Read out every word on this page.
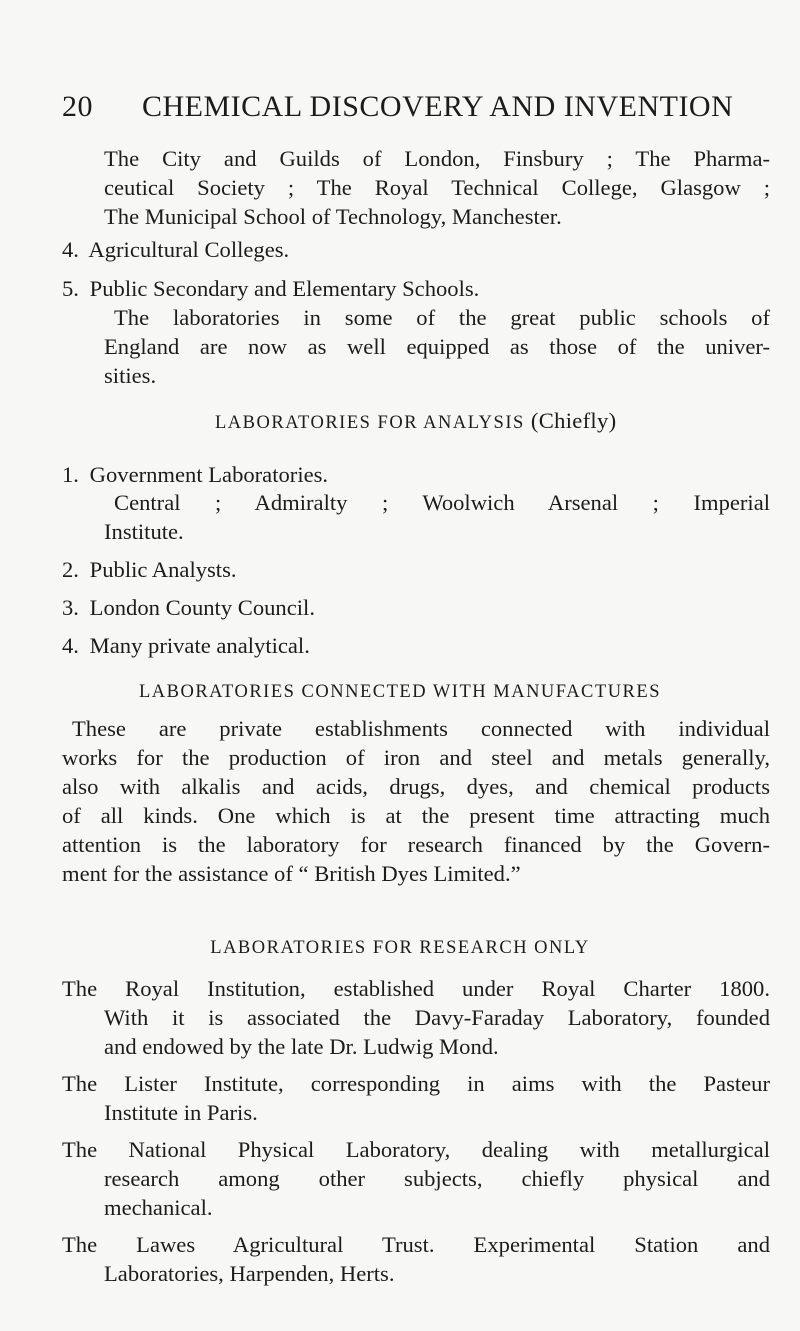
20 CHEMICAL DISCOVERY AND INVENTION
The City and Guilds of London, Finsbury ; The Pharma-
ceutical Society ; The Royal Technical College, Glasgow ;
The Municipal School of Technology, Manchester.
4. Agricultural Colleges.
5. Public Secondary and Elementary Schools.
The laboratories in some of the great public schools of
England are now as well equipped as those of the univer-
sities.
LABORATORIES FOR ANALYSIS (Chiefly)
1. Government Laboratories.
Central ; Admiralty ; Woolwich Arsenal ; Imperial
Institute.
2. Public Analysts.
3. London County Council.
4. Many private analytical.
LABORATORIES CONNECTED WITH MANUFACTURES
These are private establishments connected with individual
works for the production of iron and steel and metals generally,
also with alkalis and acids, drugs, dyes, and chemical products
of all kinds. One which is at the present time attracting much
attention is the laboratory for research financed by the Govern-
ment for the assistance of “ British Dyes Limited.”
LABORATORIES FOR RESEARCH ONLY
The Royal Institution, established under Royal Charter 1800.
With it is associated the Davy-Faraday Laboratory, founded
and endowed by the late Dr. Ludwig Mond.
The Lister Institute, corresponding in aims with the Pasteur
Institute in Paris.
The National Physical Laboratory, dealing with metallurgical
research among other subjects, chiefly physical and
mechanical.
The Lawes Agricultural Trust. Experimental Station and
Laboratories, Harpenden, Herts.
